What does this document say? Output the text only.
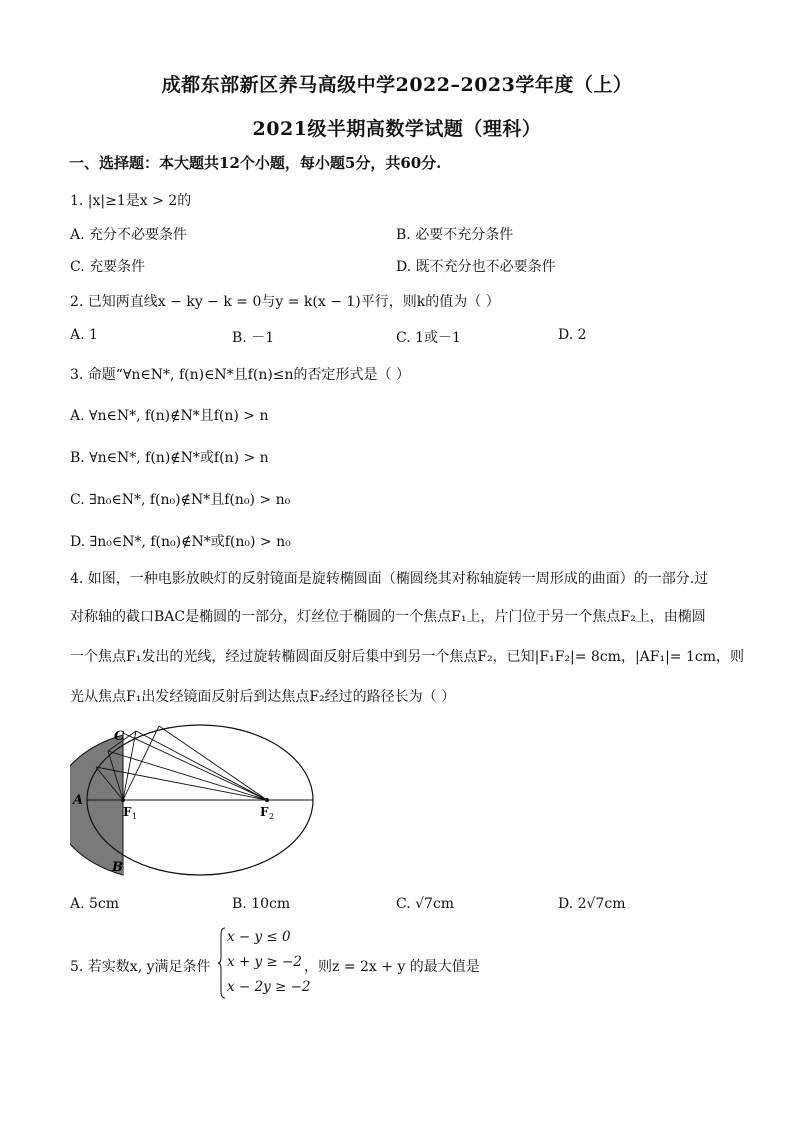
成都东部新区养马高级中学2022–2023学年度（上）
2021级半期高数学试题（理科）
一、选择题：本大题共12个小题，每小题5分，共60分.
1. |x|≥1是x > 2的
A. 充分不必要条件	B. 必要不充分条件
C. 充要条件	D. 既不充分也不必要条件
2. 已知两直线x − ky − k = 0与y = k(x − 1)平行，则k的值为（ ）
A. 1	B. －1	C. 1或－1	D. 2
3. 命题“∀n∈N*, f(n)∈N*且f(n)≤n的否定形式是（ ）
A. ∀n∈N*, f(n)∉N*且f(n) > n
B. ∀n∈N*, f(n)∉N*或f(n) > n
C. ∃n₀∈N*, f(n₀)∉N*且f(n₀) > n₀
D. ∃n₀∈N*, f(n₀)∉N*或f(n₀) > n₀
4. 如图，一种电影放映灯的反射镜面是旋转椭圆面（椭圆绕其对称轴旋转一周形成的曲面）的一部分.过
对称轴的截口BAC是椭圆的一部分，灯丝位于椭圆的一个焦点F₁上，片门位于另一个焦点F₂上，由椭圆
一个焦点F₁发出的光线，经过旋转椭圆面反射后集中到另一个焦点F₂，已知|F₁F₂|= 8cm，|AF₁|= 1cm，则
光从焦点F₁出发经镜面反射后到达焦点F₂经过的路径长为（ ）
C
A
B
F 1	F 2
A. 5cm	B. 10cm	C. √7cm	D. 2√7cm
5. 若实数x, y满足条件
x − y ≤ 0
x + y ≥ −2
x − 2y ≥ −2
，则z = 2x + y 的最大值是
